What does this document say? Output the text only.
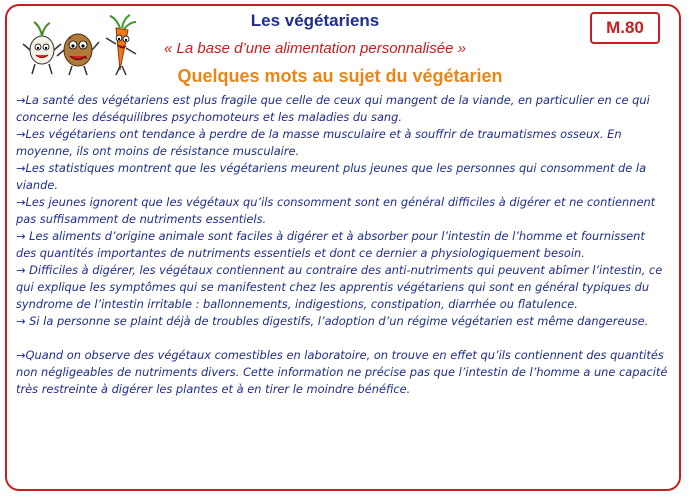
Les végétariens
« La base d’une alimentation personnalisée »
M.80
Quelques mots au sujet du végétarien

→La santé des végétariens est plus fragile que celle de ceux qui mangent de la viande, en particulier en ce qui concerne les déséquilibres psychomoteurs et les maladies du sang.

→Les végétariens ont tendance à perdre de la masse musculaire et à souffrir de traumatismes osseux. En moyenne, ils ont moins de résistance musculaire.

→Les statistiques montrent que les végétariens meurent plus jeunes que les personnes qui consomment de la viande.

→Les jeunes ignorent que les végétaux qu’ils consomment sont en général difficiles à digérer et ne contiennent pas suffisamment de nutriments essentiels.

→ Les aliments d’origine animale sont faciles à digérer et à absorber pour l’intestin de l’homme et fournissent des quantités importantes de nutriments essentiels et dont ce dernier a physiologiquement besoin.

→ Difficiles à digérer, les végétaux contiennent au contraire des anti-nutriments qui peuvent abîmer l’intestin, ce qui explique les symptômes qui se manifestent chez les apprentis végétariens qui sont en général typiques du syndrome de l’intestin irritable : ballonnements, indigestions, constipation, diarrhée ou flatulence.

→ Si la personne se plaint déjà de troubles digestifs, l’adoption d’un régime végétarien est même dangereuse.

→Quand on observe des végétaux comestibles en laboratoire, on trouve en effet qu’ils contiennent des quantités non négligeables de nutriments divers. Cette information ne précise pas que l’intestin de l’homme a une capacité très restreinte à digérer les plantes et à en tirer le moindre bénéfice.
